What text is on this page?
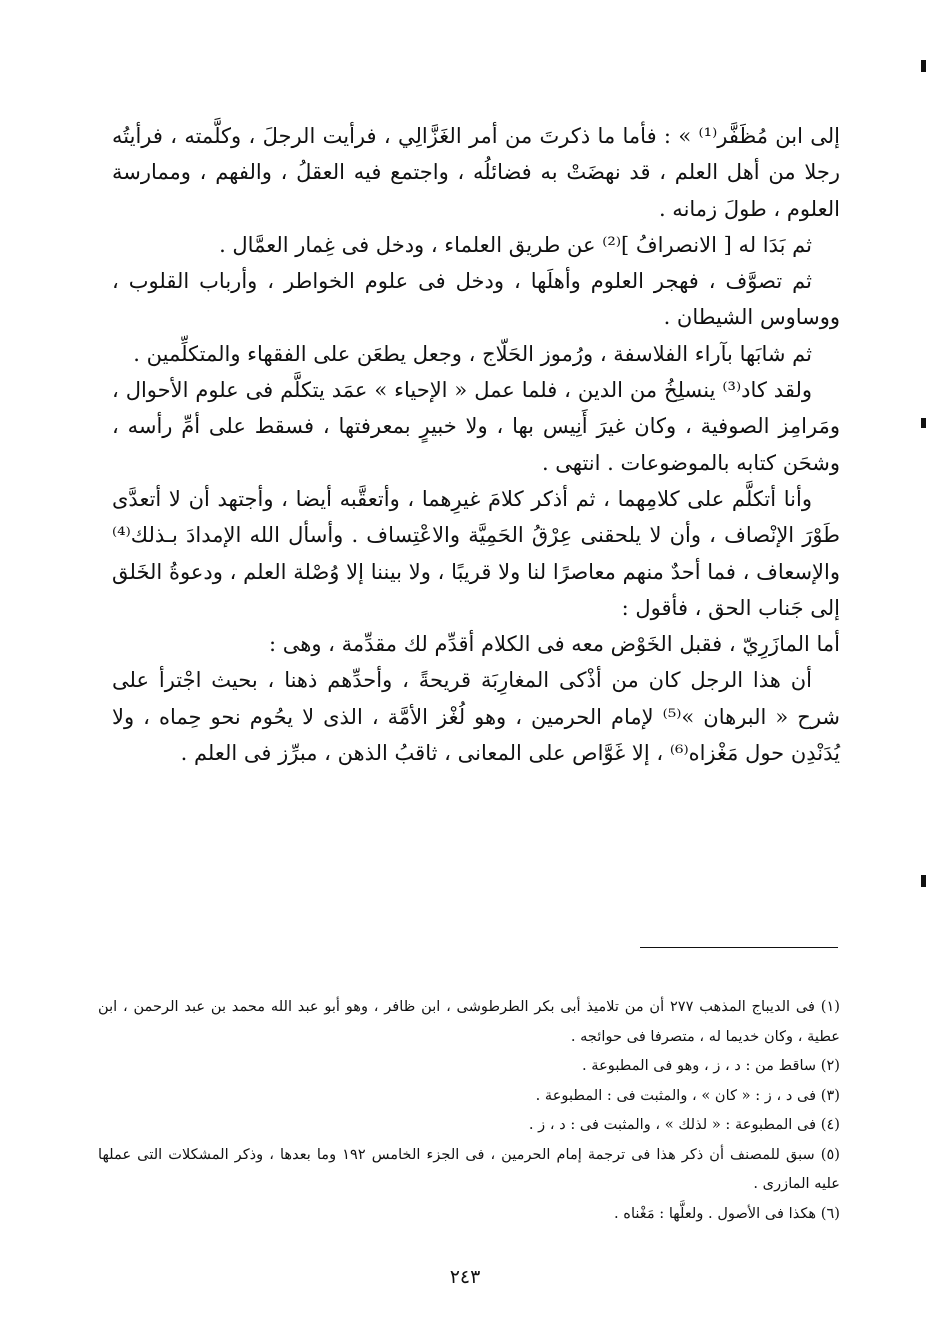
إلى ابن مُظَفَّر⁽¹⁾ » : فأما ما ذكرتَ من أمر الغَزَّالِي ، فرأيت الرجلَ ، وكلَّمته ، فرأيتُه رجلا من أهل العلم ، قد نهضَتْ به فضائلُه ، واجتمع فيه العقلُ ، والفهم ، وممارسة العلوم ، طولَ زمانه .

ثم بَدَا له [ الانصرافُ ]⁽²⁾ عن طريق العلماء ، ودخل فى غِمار العمَّال .

ثم تصوَّف ، فهجر العلوم وأهلَها ، ودخل فى علوم الخواطر ، وأرباب القلوب ، ووساوس الشيطان .

ثم شابَها بآراء الفلاسفة ، ورُموز الحَلّاج ، وجعل يطعَن على الفقهاء والمتكلِّمين .

ولقد كاد⁽³⁾ ينسلِخُ من الدين ، فلما عمل « الإحياء » عمَد يتكلَّم فى علوم الأحوال ، ومَرامِز الصوفية ، وكان غيرَ أَنِيس بها ، ولا خبيرٍ بمعرفتها ، فسقط على أمِّ رأسه ، وشحَن كتابه بالموضوعات . انتهى .

وأنا أتكلَّم على كلامِهما ، ثم أذكر كلامَ غيرِهما ، وأتعقَّبه أيضا ، وأجتهد أن لا أتعدَّى طَوْرَ الإنْصاف ، وأن لا يلحقنى عِرْقُ الحَمِيَّة والاعْتِساف . وأسأل الله الإمدادَ بـذلك⁽⁴⁾ والإسعاف ، فما أحدٌ منهم معاصرًا لنا ولا قريبًا ، ولا بيننا إلا وُصْلة العلم ، ودعوةُ الخَلق إلى جَناب الحق ، فأقول :

أما المازَرِيّ ، فقبل الخَوْض معه فى الكلام أقدِّم لك مقدِّمة ، وهى :

أن هذا الرجل كان من أذْكى المغارِبَة قريحةً ، وأحدِّهم ذهنا ، بحيث اجْترأ على شرح « البرهان »⁽⁵⁾ لإمام الحرمين ، وهو لُغْز الأمَّة ، الذى لا يحُوم نحو حِماه ، ولا يُدَنْدِن حول مَغْزاه⁽⁶⁾ ، إلا غَوَّاص على المعانى ، ثاقبُ الذهن ، مبرِّز فى العلم .

(١) فى الديباج المذهب ٢٧٧ أن من تلاميذ أبى بكر الطرطوشى ، ابن ظافر ، وهو أبو عبد الله محمد بن عبد الرحمن ، ابن عطية ، وكان خديما له ، متصرفا فى حوائجه .

(٢) ساقط من : د ، ز ، وهو فى المطبوعة .

(٣) فى د ، ز : « كان » ، والمثبت فى : المطبوعة .

(٤) فى المطبوعة : « لذلك » ، والمثبت فى : د ، ز .

(٥) سبق للمصنف أن ذكر هذا فى ترجمة إمام الحرمين ، فى الجزء الخامس ١٩٢ وما بعدها ، وذكر المشكلات التى عملها عليه المازرى .

(٦) هكذا فى الأصول . ولعلَّها : مَغْناه .

٢٤٣
